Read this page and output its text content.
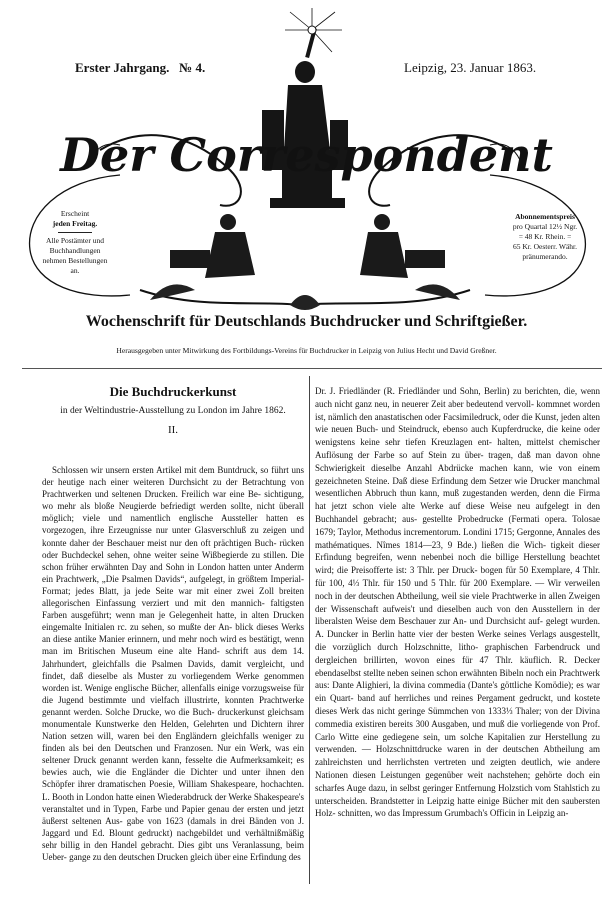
Erster Jahrgang. № 4.	Leipzig, 23. Januar 1863.
Der Correspondent
Erscheint
jeden Freitag.
Alle Postämter und
Buchhandlungen
nehmen Bestellungen
an.
Abonnementspreis
pro Quartal 12½ Ngr.
= 48 Kr. Rhein. =
65 Kr. Oesterr. Währ.
pränumerando.
Wochenschrift für Deutschlands Buchdrucker und Schriftgießer.
Herausgegeben unter Mitwirkung des Fortbildungs-Vereins für Buchdrucker in Leipzig von Julius Hecht und David Greßner.
Die Buchdruckerkunst
in der Weltindustrie-Ausstellung zu London im Jahre 1862.
II.
Schlossen wir unsern ersten Artikel mit dem Buntdruck, so führt uns der heutige nach einer weiteren Durchsicht zu der Betrachtung von Prachtwerken und seltenen Drucken. Freilich war eine Be- sichtigung, wo mehr als bloße Neugierde befriedigt werden sollte, nicht überall möglich; viele und namentlich englische Aussteller hatten es vorgezogen, ihre Erzeugnisse nur unter Glasverschluß zu zeigen und konnte daher der Beschauer meist nur den oft prächtigen Buch- rücken oder Buchdeckel sehen, ohne weiter seine Wißbegierde zu stillen. Die schon früher erwähnten Day and Sohn in London hatten unter Anderm ein Prachtwerk, „Die Psalmen Davids“, aufgelegt, in größtem Imperial-Format; jedes Blatt, ja jede Seite war mit einer zwei Zoll breiten allegorischen Einfassung verziert und mit den mannich- faltigsten Farben ausgeführt; wenn man je Gelegenheit hatte, in alten Drucken eingemalte Initialen rc. zu sehen, so mußte der An- blick dieses Werks an diese antike Manier erinnern, und mehr noch wird es bestätigt, wenn man im Britischen Museum eine alte Hand- schrift aus dem 14. Jahrhundert, gleichfalls die Psalmen Davids, damit vergleicht, und findet, daß dieselbe als Muster zu vorliegendem Werke genommen worden ist. Wenige englische Bücher, allenfalls einige vorzugsweise für die Jugend bestimmte und vielfach illustrirte, konnten Prachtwerke genannt werden. Solche Drucke, wo die Buch- druckerkunst gleichsam monumentale Kunstwerke den Helden, Gelehrten und Dichtern ihrer Nation setzen will, waren bei den Engländern gleichfalls weniger zu finden als bei den Deutschen und Franzosen. Nur ein Werk, was ein seltener Druck genannt werden kann, fesselte die Aufmerksamkeit; es bewies auch, wie die Engländer die Dichter und unter ihnen den Schöpfer ihrer dramatischen Poesie, William Shakespeare, hochachten. L. Booth in London hatte einen Wiederabdruck der Werke Shakespeare's veranstaltet und in Typen, Farbe und Papier genau der ersten und jetzt äußerst seltenen Aus- gabe von 1623 (damals in drei Bänden von J. Jaggard und Ed. Blount gedruckt) nachgebildet und verhältnißmäßig sehr billig in den Handel gebracht. Dies gibt uns Veranlassung, beim Ueber- gange zu den deutschen Drucken gleich über eine Erfindung des
Dr. J. Friedländer (R. Friedländer und Sohn, Berlin) zu berichten, die, wenn auch nicht ganz neu, in neuerer Zeit aber bedeutend vervoll- kommnet worden ist, nämlich den anastatischen oder Facsimiledruck, oder die Kunst, jeden alten wie neuen Buch- und Steindruck, ebenso auch Kupferdrucke, die keine oder wenigstens keine sehr tiefen Kreuzlagen ent- halten, mittelst chemischer Auflösung der Farbe so auf Stein zu über- tragen, daß man davon ohne Schwierigkeit dieselbe Anzahl Abdrücke machen kann, wie von einem gezeichneten Steine. Daß diese Erfindung dem Setzer wie Drucker manchmal wesentlichen Abbruch thun kann, muß zugestanden werden, denn die Firma hat jetzt schon viele alte Werke auf diese Weise neu aufgelegt in den Buchhandel gebracht; aus- gestellte Probedrucke (Fermati opera. Tolosae 1679; Taylor, Methodus incrementorum. Londini 1715; Gergonne, Annales des mathématiques. Nîmes 1814—23, 9 Bde.) ließen die Wich- tigkeit dieser Erfindung begreifen, wenn nebenbei noch die billige Herstellung beachtet wird; die Preisofferte ist: 3 Thlr. per Druck- bogen für 50 Exemplare, 4 Thlr. für 100, 4⅓ Thlr. für 150 und 5 Thlr. für 200 Exemplare. — Wir verweilen noch in der deutschen Abtheilung, weil sie viele Prachtwerke in allen Zweigen der Wissenschaft aufweis't und dieselben auch von den Ausstellern in der liberalsten Weise dem Beschauer zur An- und Durchsicht auf- gelegt wurden. A. Duncker in Berlin hatte vier der besten Werke seines Verlags ausgestellt, die vorzüglich durch Holzschnitte, litho- graphischen Farbendruck und dergleichen brillirten, wovon eines für 47 Thlr. käuflich. R. Decker ebendaselbst stellte neben seinen schon erwähnten Bibeln noch ein Prachtwerk aus: Dante Alighieri, la divina commedia (Dante's göttliche Komödie); es war ein Quart- band auf herrliches und reines Pergament gedruckt, und kostete dieses Werk das nicht geringe Sümmchen von 1333⅓ Thaler; von der Divina commedia existiren bereits 300 Ausgaben, und muß die vorliegende von Prof. Carlo Witte eine gediegene sein, um solche Kapitalien zur Herstellung zu verwenden. — Holzschnittdrucke waren in der deutschen Abtheilung am zahlreichsten und herrlichsten vertreten und zeigten deutlich, wie andere Nationen diesen Leistungen gegenüber weit nachstehen; gehörte doch ein scharfes Auge dazu, in selbst geringer Entfernung Holzstich vom Stahlstich zu unterscheiden. Brandstetter in Leipzig hatte einige Bücher mit den saubersten Holz- schnitten, wo das Impressum Grumbach's Officin in Leipzig an-
